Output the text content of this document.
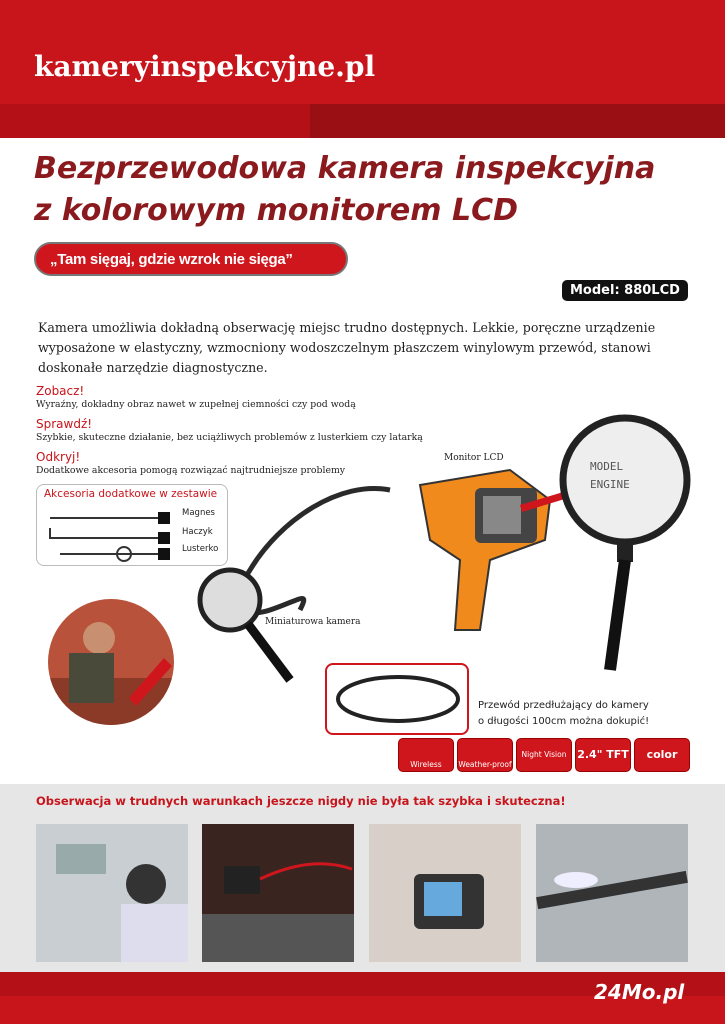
kameryinspekcyjne.pl
Bezprzewodowa kamera inspekcyjna
z kolorowym monitorem LCD
„Tam sięgaj, gdzie wzrok nie sięga”
Model: 880LCD
Kamera umożliwia dokładną obserwację miejsc trudno dostępnych. Lekkie, poręczne urządzenie wyposażone w elastyczny, wzmocniony wodoszczelnym płaszczem winylowym przewód, stanowi doskonałe narzędzie diagnostyczne.
Zobacz!
Wyraźny, dokładny obraz nawet w zupełnej ciemności czy pod wodą
Sprawdź!
Szybkie, skuteczne działanie, bez uciążliwych problemów z lusterkiem czy latarką
Odkryj!
Dodatkowe akcesoria pomogą rozwiązać najtrudniejsze problemy
Akcesoria dodatkowe w zestawie
Magnes
Haczyk
Lusterko
MODEL
ENGINE
Monitor LCD
Miniaturowa kamera
Przewód przedłużający do kamery
o długości 100cm można dokupić!
Wireless	Weather-proof
Night Vision 2.4" TFT	color
Obserwacja w trudnych warunkach jeszcze nigdy nie była tak szybka i skuteczna!
24Mo.pl
